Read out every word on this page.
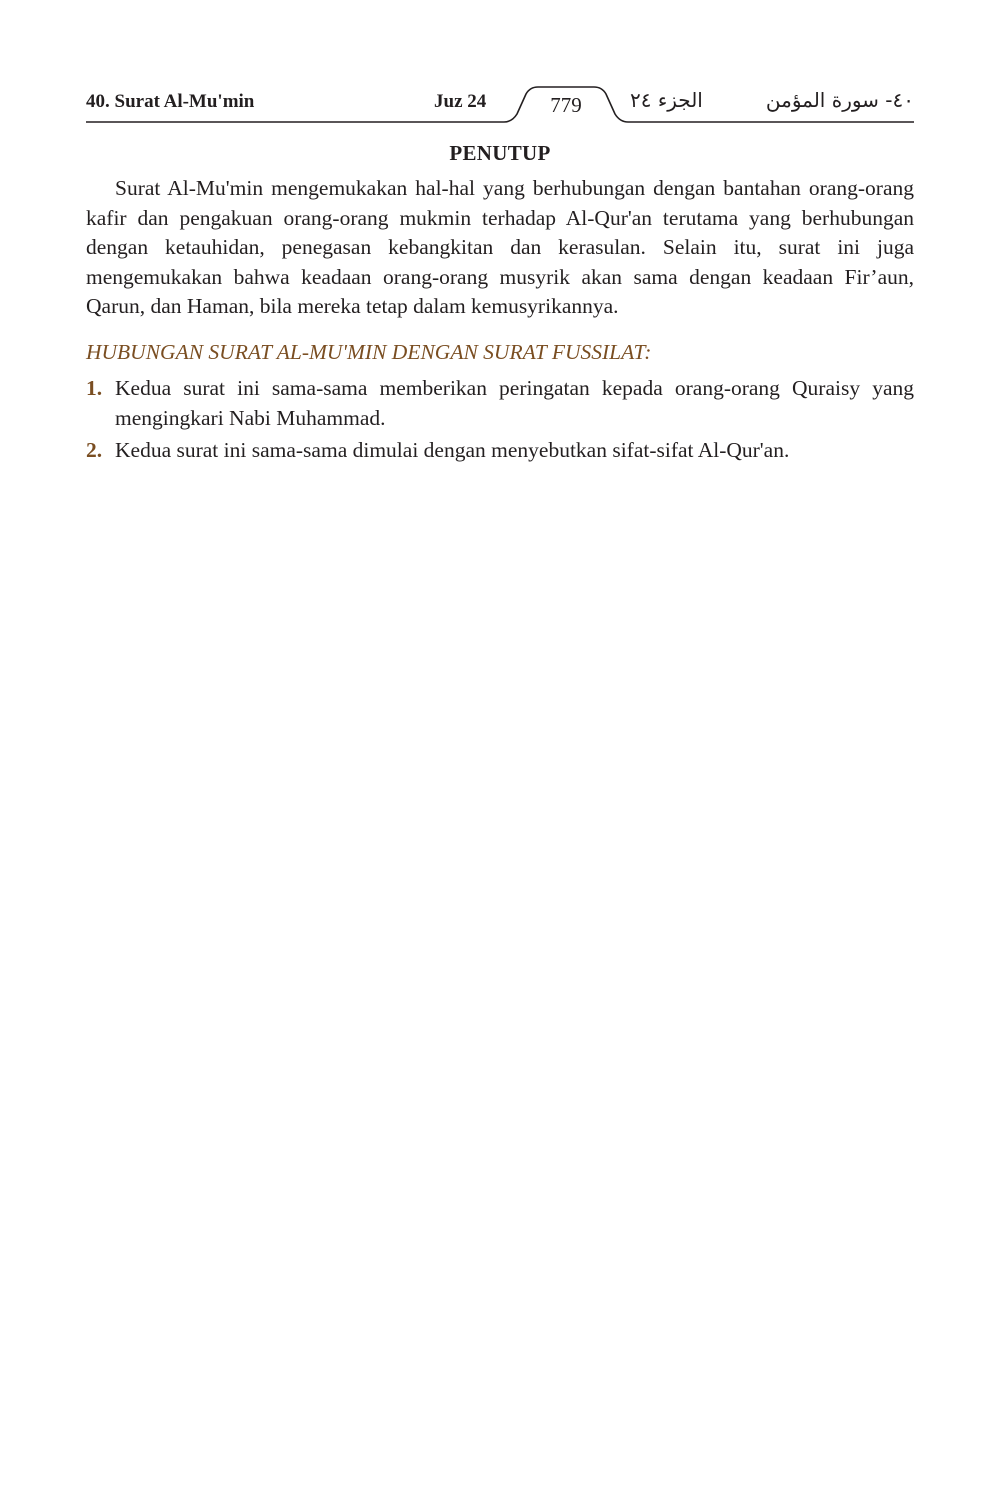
40. Surat Al-Mu'min	Juz 24	779	الجزء ٢٤	٤٠- سورة المؤمن
PENUTUP

Surat Al-Mu'min mengemukakan hal-hal yang berhubungan dengan bantahan orang-orang kafir dan pengakuan orang-orang mukmin terhadap Al-Qur'an terutama yang berhubungan dengan ketauhidan, penegasan kebangkitan dan kerasulan. Selain itu, surat ini juga mengemukakan bahwa keadaan orang-orang musyrik akan sama dengan keadaan Fir’aun, Qarun, dan Haman, bila mereka tetap dalam kemusyrikannya.

HUBUNGAN SURAT AL-MU'MIN DENGAN SURAT FUSSILAT:
1. Kedua surat ini sama-sama memberikan peringatan kepada orang-orang Quraisy yang mengingkari Nabi Muhammad.
2. Kedua surat ini sama-sama dimulai dengan menyebutkan sifat-sifat Al-Qur'an.
